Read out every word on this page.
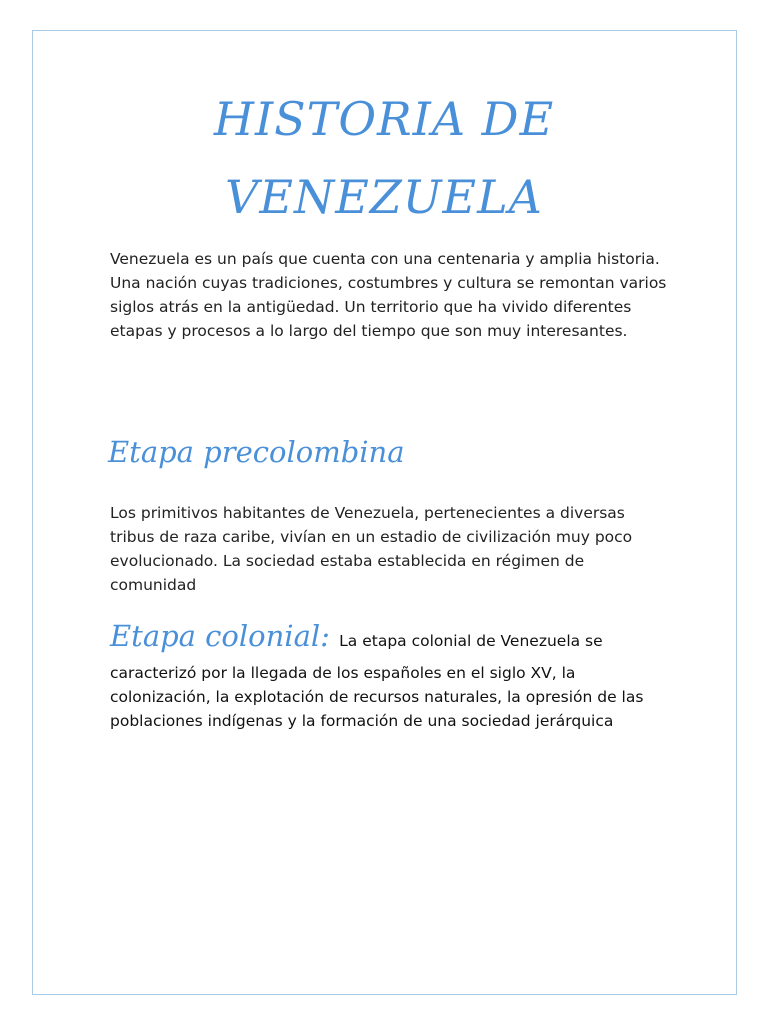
HISTORIA DE
VENEZUELA

Venezuela es un país que cuenta con una centenaria y amplia historia. Una nación cuyas tradiciones, costumbres y cultura se remontan varios siglos atrás en la antigüedad. Un territorio que ha vivido diferentes etapas y procesos a lo largo del tiempo que son muy interesantes.

Etapa precolombina

Los primitivos habitantes de Venezuela, pertenecientes a diversas tribus de raza caribe, vivían en un estadio de civilización muy poco evolucionado. La sociedad estaba establecida en régimen de comunidad

Etapa colonial: La etapa colonial de Venezuela se
caracterizó por la llegada de los españoles en el siglo XV, la colonización, la explotación de recursos naturales, la opresión de las poblaciones indígenas y la formación de una sociedad jerárquica
